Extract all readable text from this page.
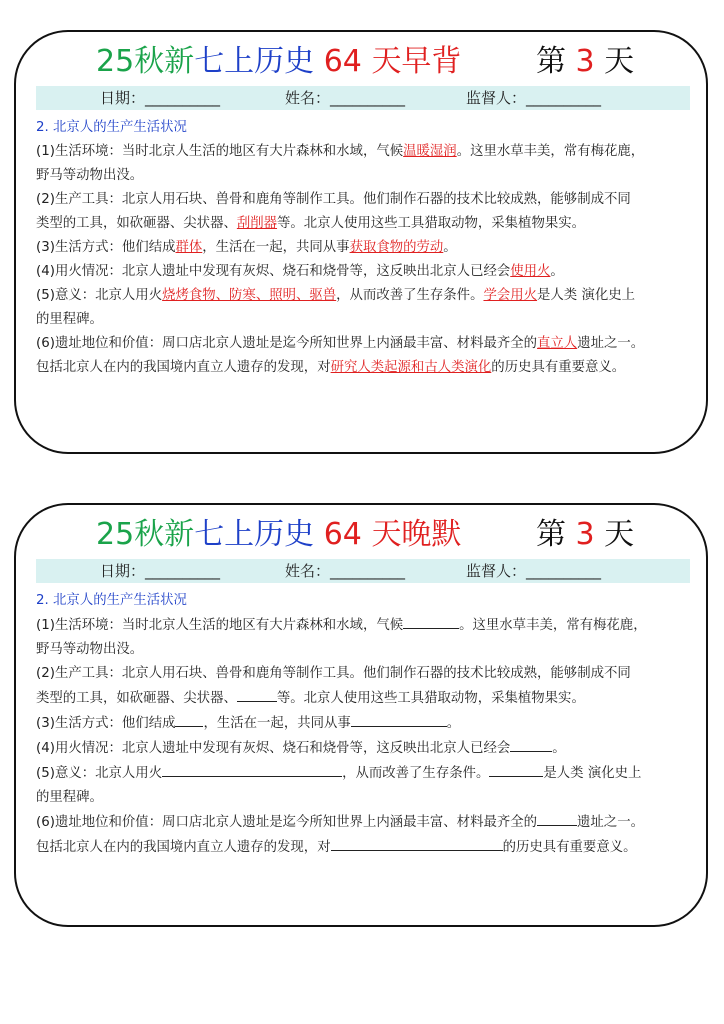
25秋新七上历史 64 天早背 第 3 天
日期：__________	姓名：__________	监督人：__________

2. 北京人的生产生活状况

(1)生活环境：当时北京人生活的地区有大片森林和水域，气候温暖湿润。这里水草丰美，常有梅花鹿，

野马等动物出没。

(2)生产工具：北京人用石块、兽骨和鹿角等制作工具。他们制作石器的技术比较成熟，能够制成不同

类型的工具，如砍砸器、尖状器、刮削器等。北京人使用这些工具猎取动物，采集植物果实。

(3)生活方式：他们结成群体，生活在一起，共同从事获取食物的劳动。

(4)用火情况：北京人遗址中发现有灰烬、烧石和烧骨等，这反映出北京人已经会使用火。

(5)意义：北京人用火烧烤食物、防寒、照明、驱兽，从而改善了生存条件。学会用火是人类 演化史上

的里程碑。

(6)遗址地位和价值：周口店北京人遗址是迄今所知世界上内涵最丰富、材料最齐全的直立人遗址之一。

包括北京人在内的我国境内直立人遗存的发现，对研究人类起源和古人类演化的历史具有重要意义。

25秋新七上历史 64 天晚默 第 3 天
日期：__________	姓名：__________	监督人：__________

2. 北京人的生产生活状况

(1)生活环境：当时北京人生活的地区有大片森林和水域，气候	。这里水草丰美，常有梅花鹿，

野马等动物出没。

(2)生产工具：北京人用石块、兽骨和鹿角等制作工具。他们制作石器的技术比较成熟，能够制成不同

类型的工具，如砍砸器、尖状器、	等。北京人使用这些工具猎取动物，采集植物果实。

(3)生活方式：他们结成 ，生活在一起，共同从事	。

(4)用火情况：北京人遗址中发现有灰烬、烧石和烧骨等，这反映出北京人已经会	。

(5)意义：北京人用火	，从而改善了生存条件。	是人类 演化史上

的里程碑。

(6)遗址地位和价值：周口店北京人遗址是迄今所知世界上内涵最丰富、材料最齐全的	遗址之一。

包括北京人在内的我国境内直立人遗存的发现，对	的历史具有重要意义。
